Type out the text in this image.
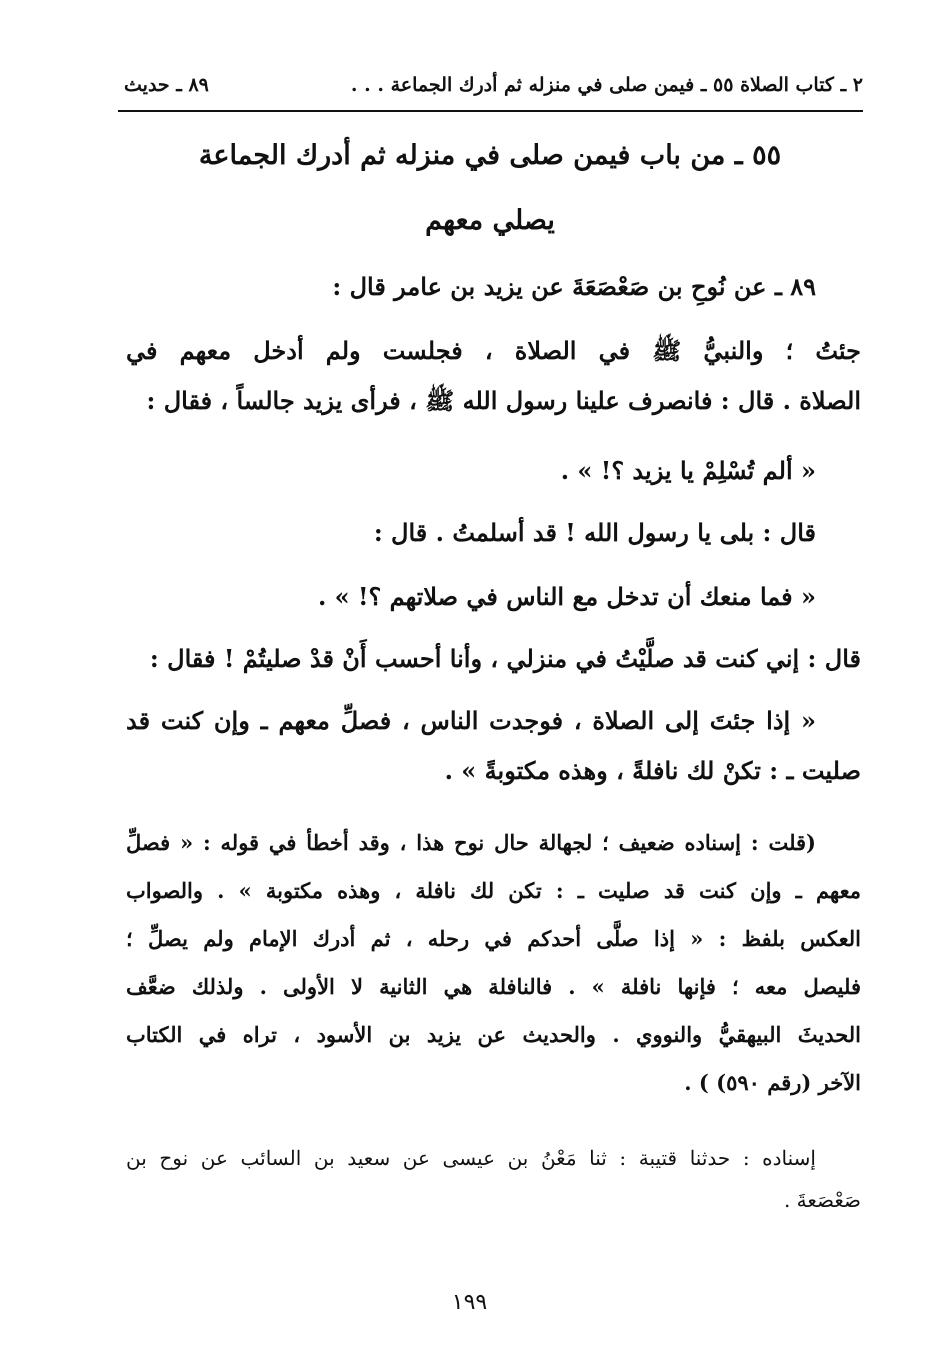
٢ ـ كتاب الصلاة ٥٥ ـ فيمن صلى في منزله ثم أدرك الجماعة . . .
٨٩ ـ حديث
٥٥ ـ من باب فيمن صلى في منزله ثم أدرك الجماعة
يصلي معهم
٨٩ ـ عن نُوحِ بن صَعْصَعَةَ عن يزيد بن عامر قال :
جئتُ ؛ والنبيُّ ﷺ في الصلاة ، فجلست ولم أدخل معهم في
الصلاة . قال : فانصرف علينا رسول الله ﷺ ، فرأى يزيد جالساً ، فقال :
« ألم تُسْلِمْ يا يزيد ؟! » .
قال : بلى يا رسول الله ! قد أسلمتُ . قال :
« فما منعك أن تدخل مع الناس في صلاتهم ؟! » .
قال : إني كنت قد صلَّيْتُ في منزلي ، وأنا أحسب أَنْ قدْ صليتُمْ ! فقال :
« إذا جئتَ إلى الصلاة ، فوجدت الناس ، فصلِّ معهم ـ وإن كنت قد
صليت ـ : تكنْ لك نافلةً ، وهذه مكتوبةً » .
(قلت : إسناده ضعيف ؛ لجهالة حال نوح هذا ، وقد أخطأ في قوله : « فصلِّ
معهم ـ وإن كنت قد صليت ـ : تكن لك نافلة ، وهذه مكتوبة » . والصواب
العكس بلفظ : « إذا صلَّى أحدكم في رحله ، ثم أدرك الإمام ولم يصلِّ ؛
فليصل معه ؛ فإنها نافلة » . فالنافلة هي الثانية لا الأولى . ولذلك ضعَّف
الحديثَ البيهقيُّ والنووي . والحديث عن يزيد بن الأسود ، تراه في الكتاب
الآخر (رقم ٥٩٠) ) .
إسناده : حدثنا قتيبة : ثنا مَعْنُ بن عيسى عن سعيد بن السائب عن نوح بن
صَعْصَعةَ .
١٩٩
